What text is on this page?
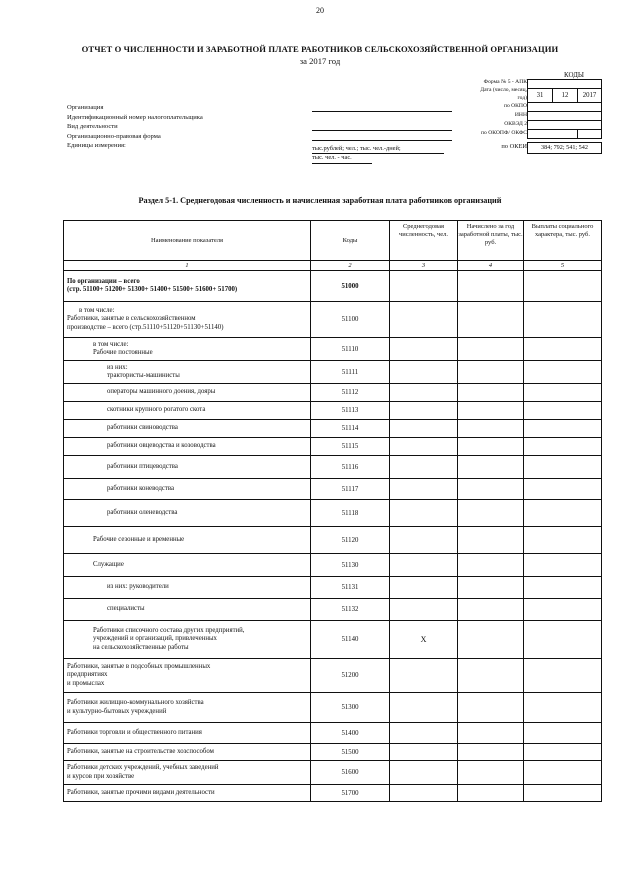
20
ОТЧЕТ О ЧИСЛЕННОСТИ И ЗАРАБОТНОЙ ПЛАТЕ РАБОТНИКОВ СЕЛЬСКОХОЗЯЙСТВЕННОЙ ОРГАНИЗАЦИИ
за 2017 год
КОДЫ
31	12	2017
384; 792; 541; 542
Форма № 5 - АПК
Дата (число, месяц,
год)
по ОКПО
ИНН
ОКВЭД 2
по ОКОПФ/ ОКФС
по ОКЕИ
Организация
Идентификационный номер налогоплательщика
Вид деятельности
Организационно-правовая форма
Единицы измерения:	тыс.рублей; чел.; тыс. чел.-дней;
тыс. чел. - час.
Раздел 5-1. Среднегодовая численность и начисленная заработная плата работников организаций
Наименование показателя	Коды	Среднегодовая численность, чел.	Начислено за год заработной платы, тыс. руб.	Выплаты социального характера, тыс. руб.
1	2	3	4	5

По организации – всего
(стр. 51100+ 51200+ 51300+ 51400+ 51500+ 51600+ 51700)	51000			

в том числе:
Работники, занятые в сельскохозяйственном
производстве – всего (стр.51110+51120+51130+51140)	51100			

в том числе:
Рабочие постоянные	51110			

из них:
трактористы-машинисты	51111			

операторы машинного доения, дояры	51112			

скотники крупного рогатого скота	51113			

работники свиноводства	51114			

работники овцеводства и козоводства	51115			

работники птицеводства	51116			

работники коневодства	51117			

работники оленеводства	51118			

Рабочие сезонные и временные	51120			

Служащие	51130			

из них: руководители	51131			

специалисты	51132			

Работники списочного состава других предприятий,
учреждений и организаций, привлеченных
на сельскохозяйственные работы	51140	Х		

Работники, занятые в подсобных промышленных
предприятиях
и промыслах	51200			

Работники жилищно-коммунального хозяйства
и культурно-бытовых учреждений	51300			

Работники торговли и общественного питания	51400			

Работники, занятые на строительстве хозспособом	51500			

Работники детских учреждений, учебных заведений
и курсов при хозяйстве	51600			

Работники, занятые прочими видами деятельности	51700			
